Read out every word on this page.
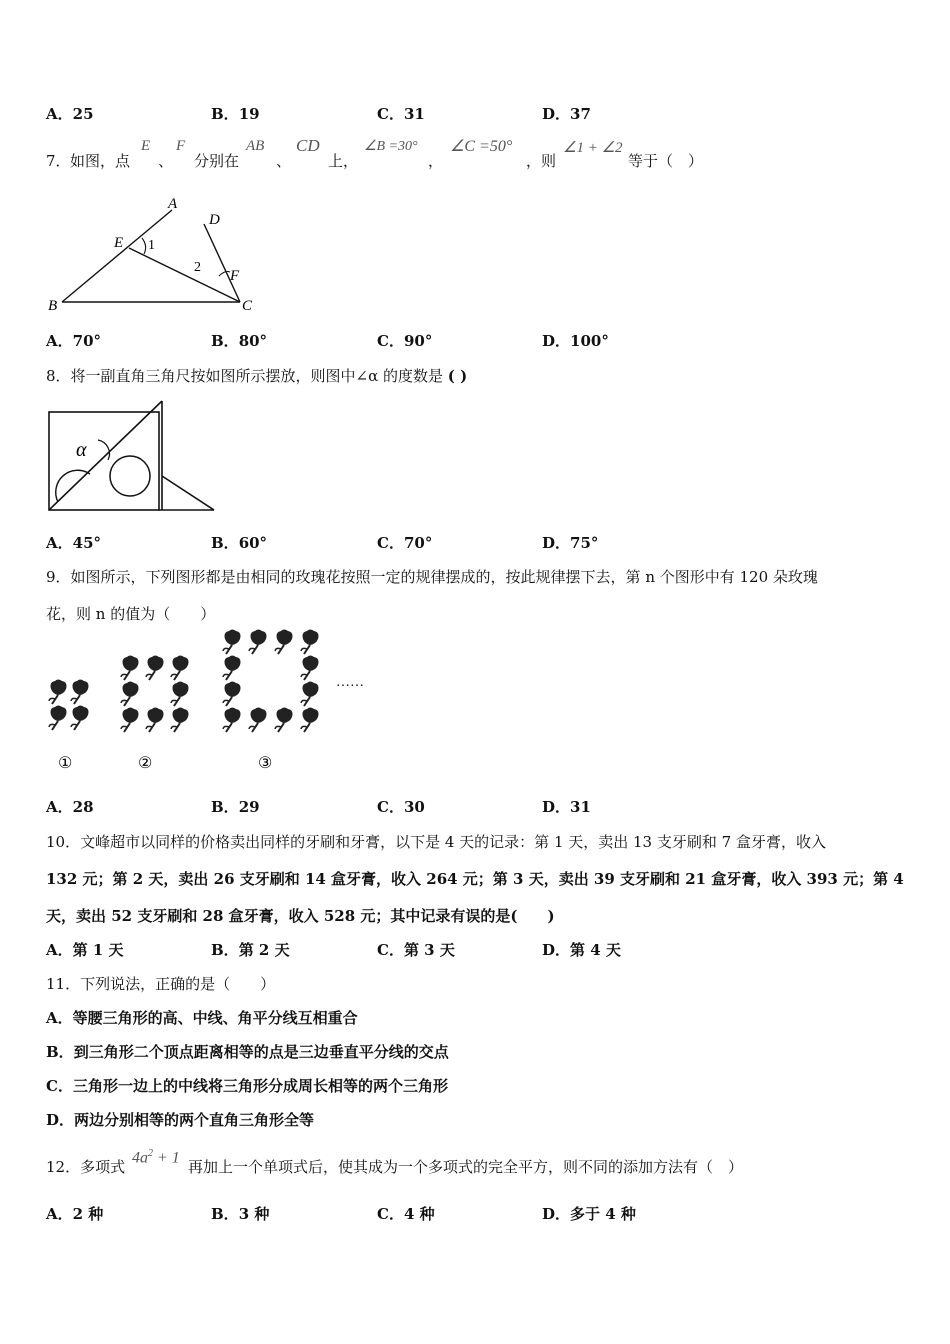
A．25	B．19	C．31	D．37
7． 如图，点
E
、
F
分别在
AB
、
CD
上，
∠B =30°
，
∠C =50°
，则
∠1 + ∠2
等于（　）
A
D
E 1
2
F
B	C
A．70°	B．80°	C．90°	D．100°
8．将一副直角三角尺按如图所示摆放，则图中∠α 的度数是 ( )
α
A．45°	B．60°	C．70°	D．75°
9．如图所示，下列图形都是由相同的玫瑰花按照一定的规律摆成的，按此规律摆下去，第 n 个图形中有 120 朵玫瑰
花，则 n 的值为（　　）
……
①	②	③
A．28	B．29	C．30	D．31
10．文峰超市以同样的价格卖出同样的牙刷和牙膏，以下是 4 天的记录：第 1 天，卖出 13 支牙刷和 7 盒牙膏，收入
132 元；第 2 天，卖出 26 支牙刷和 14 盒牙膏，收入 264 元；第 3 天，卖出 39 支牙刷和 21 盒牙膏，收入 393 元；第 4
天，卖出 52 支牙刷和 28 盒牙膏，收入 528 元；其中记录有误的是(　　)
A．第 1 天	B．第 2 天	C．第 3 天	D．第 4 天
11．下列说法，正确的是（　　）
A．等腰三角形的高、中线、角平分线互相重合
B．到三角形二个顶点距离相等的点是三边垂直平分线的交点
C．三角形一边上的中线将三角形分成周长相等的两个三角形
D．两边分别相等的两个直角三角形全等
12．多项式
$4a^2 + 1$
再加上一个单项式后，使其成为一个多项式的完全平方，则不同的添加方法有（　）
A．2 种	B．3 种	C．4 种	D．多于 4 种
